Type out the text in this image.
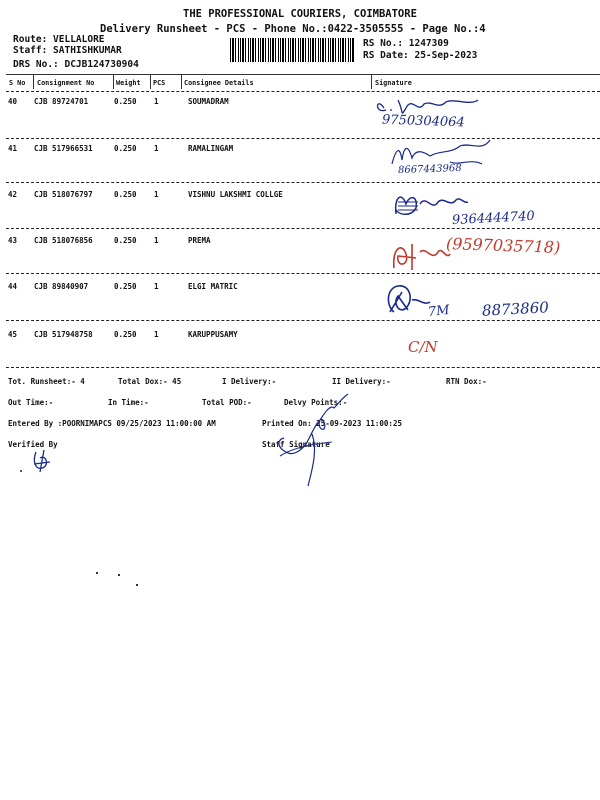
THE PROFESSIONAL COURIERS, COIMBATORE
Delivery Runsheet - PCS - Phone No.:0422-3505555 - Page No.:4
Route: VELLALORE
Staff: SATHISHKUMAR
DRS No.: DCJB124730904
RS No.: 1247309
RS Date: 25-Sep-2023
S No Consignment No	Weight PCS	Consignee Details	Signature
40 CJB 89724701	0.250 1	SOUMADRAM
9750304064
41 CJB 517966531	0.250 1	RAMALINGAM
8667443968
42 CJB 518076797	0.250 1	VISHNU LAKSHMI COLLGE
9364444740
43 CJB 518076856	0.250 1	PREMA	(9597035718)
44 CJB 89840907	0.250 1	ELGI MATRIC
7M 8873860
45 CJB 517948758	0.250 1	KARUPPUSAMY
C/N
Tot. Runsheet:- 4	Total Dox:- 45	I Delivery:-	II Delivery:-	RTN Dox:-
Out Time:-	In Time:-	Total POD:-	Delvy Points:-
Entered By :POORNIMAPCS 09/25/2023 11:00:00 AM	Printed On: 25-09-2023 11:00:25
Verified By	Staff Signature
